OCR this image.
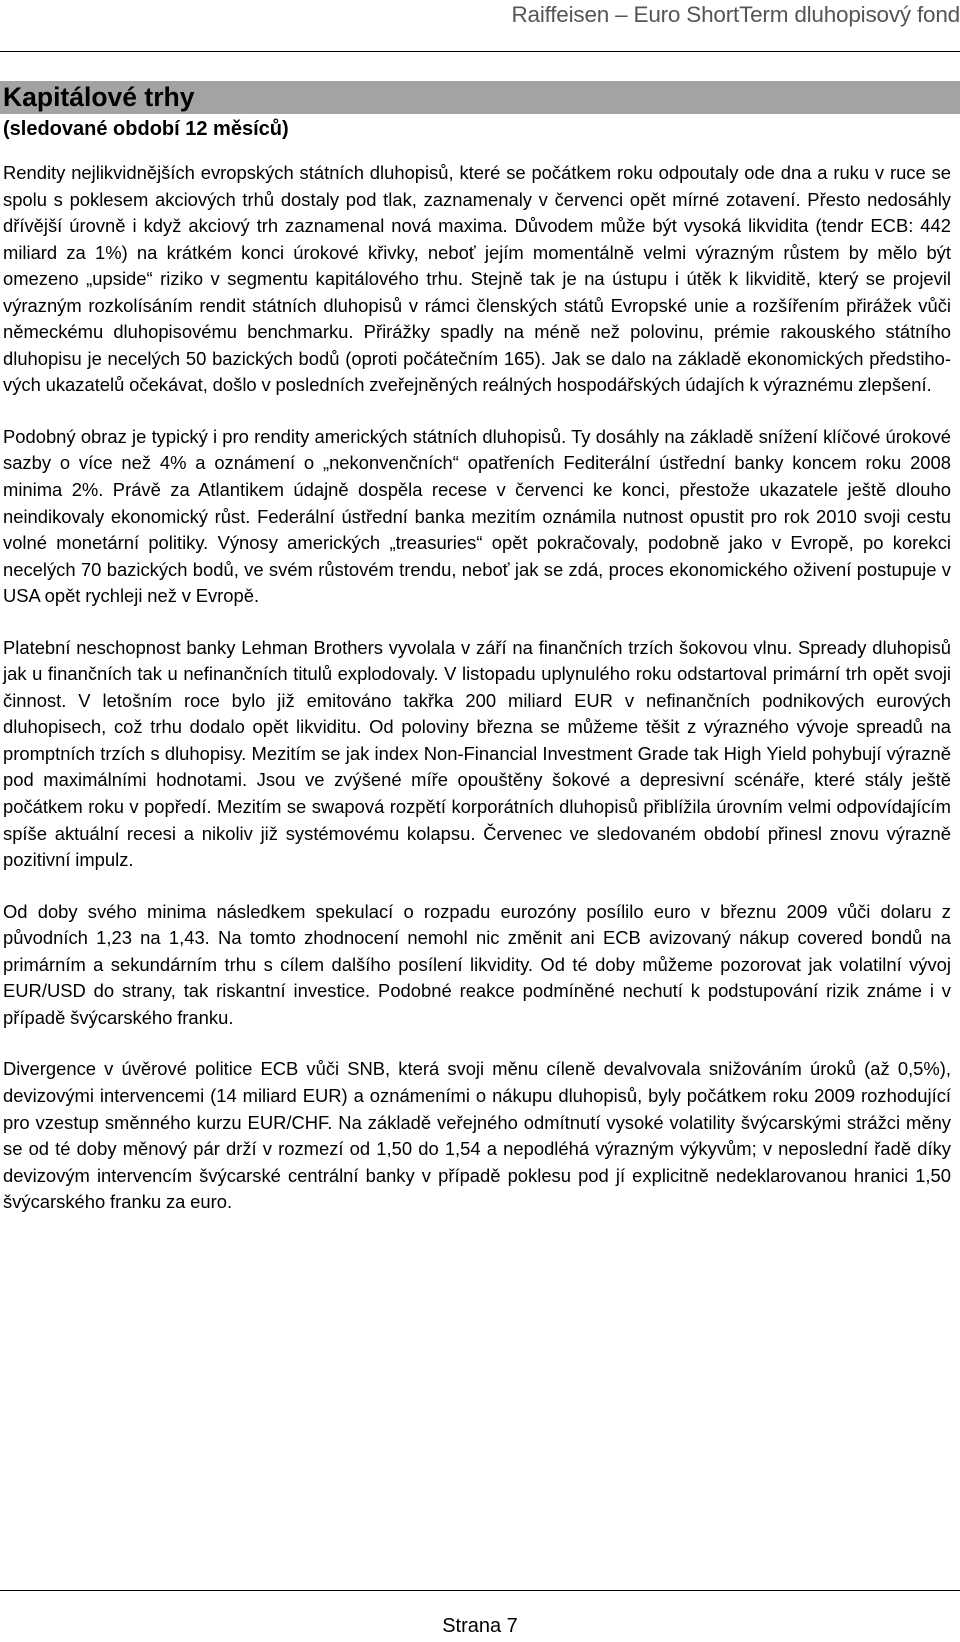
Raiffeisen – Euro ShortTerm dluhopisový fond
Kapitálové trhy
(sledované období 12 měsíců)

Rendity nejlikvidnějších evropských státních dluhopisů, které se počátkem roku odpoutaly ode dna a ruku v ruce se spolu s poklesem akciových trhů dostaly pod tlak, zaznamenaly v červenci opět mírné zotavení. Přesto nedosáhly dřívější úrovně i když akciový trh zaznamenal nová maxima. Důvodem může být vysoká likvidita (tendr ECB: 442 miliard za 1%) na krátkém konci úrokové křivky, neboť jejím momentálně velmi výrazným růstem by mělo být omezeno „upside“ riziko v segmentu kapitálového trhu. Stejně tak je na ústupu i útěk k likviditě, který se projevil výrazným rozkolísáním rendit státních dluhopisů v rámci členských států Evropské unie a rozšířením přirážek vůči německému dluhopisovému benchmarku. Přirážky spadly na méně než polovinu, prémie rakouského státního dluhopisu je necelých 50 bazických bodů (oproti počátečním 165). Jak se dalo na základě ekonomických předstihových ukazatelů očekávat, došlo v posledních zveřejněných reálných hospodářských údajích k výraznému zlepšení.

Podobný obraz je typický i pro rendity amerických státních dluhopisů. Ty dosáhly na základě snížení klíčové úrokové sazby o více než 4% a oznámení o „nekonvenčních“ opatřeních Fediterální ústřední banky koncem roku 2008 minima 2%. Právě za Atlantikem údajně dospěla recese v červenci ke konci, přestože ukazatele ještě dlouho neindikovaly ekonomický růst. Federální ústřední banka mezitím oznámila nutnost opustit pro rok 2010 svoji cestu volné monetární politiky. Výnosy amerických „treasuries“ opět pokračovaly, podobně jako v Evropě, po korekci necelých 70 bazických bodů, ve svém růstovém trendu, neboť jak se zdá, proces ekonomického oživení postupuje v USA opět rychleji než v Evropě.

Platební neschopnost banky Lehman Brothers vyvolala v září na finančních trzích šokovou vlnu. Spready dluhopisů jak u finančních tak u nefinančních titulů explodovaly. V listopadu uplynulého roku odstartoval primární trh opět svoji činnost. V letošním roce bylo již emitováno takřka 200 miliard EUR v nefinančních podnikových eurových dluhopisech, což trhu dodalo opět likviditu. Od poloviny března se můžeme těšit z výrazného vývoje spreadů na promptních trzích s dluhopisy. Mezitím se jak index Non-Financial Investment Grade tak High Yield pohybují výrazně pod maximálními hodnotami. Jsou ve zvýšené míře opouštěny šokové a depresivní scénáře, které stály ještě počátkem roku v popředí. Mezitím se swapová rozpětí korporátních dluhopisů přiblížila úrovním velmi odpovídajícím spíše aktuální recesi a nikoliv již systémovému kolapsu. Červenec ve sledovaném období přinesl znovu výrazně pozitivní impulz.

Od doby svého minima následkem spekulací o rozpadu eurozóny posílilo euro v březnu 2009 vůči dolaru z původních 1,23 na 1,43. Na tomto zhodnocení nemohl nic změnit ani ECB avizovaný nákup covered bondů na primárním a sekundárním trhu s cílem dalšího posílení likvidity. Od té doby můžeme pozorovat jak volatilní vývoj EUR/USD do strany, tak riskantní investice. Podobné reakce podmíněné nechutí k podstupování rizik známe i v případě švýcarského franku.

Divergence v úvěrové politice ECB vůči SNB, která svoji měnu cíleně devalvovala snižováním úroků (až 0,5%), devizovými intervencemi (14 miliard EUR) a oznámeními o nákupu dluhopisů, byly počátkem roku 2009 rozhodující pro vzestup směnného kurzu EUR/CHF. Na základě veřejného odmítnutí vysoké volatility švýcarskými strážci měny se od té doby měnový pár drží v rozmezí od 1,50 do 1,54 a nepodléhá výrazným výkyvům; v neposlední řadě díky devizovým intervencím švýcarské centrální banky v případě poklesu pod jí explicitně nedeklarovanou hranici 1,50 švýcarského franku za euro.

Strana 7
